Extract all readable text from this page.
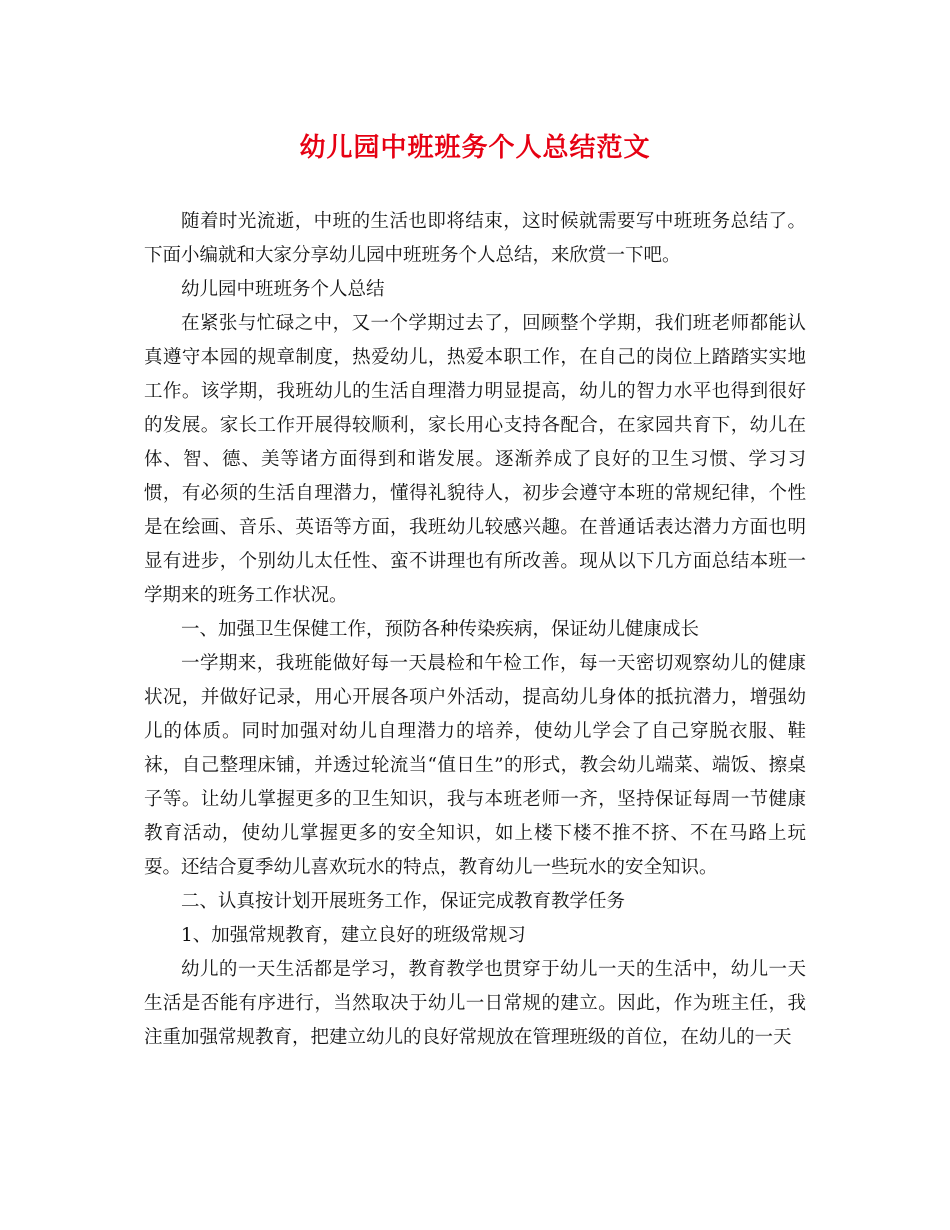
幼儿园中班班务个人总结范文

随着时光流逝，中班的生活也即将结束，这时候就需要写中班班务总结了。下面小编就和大家分享幼儿园中班班务个人总结，来欣赏一下吧。

幼儿园中班班务个人总结

在紧张与忙碌之中，又一个学期过去了，回顾整个学期，我们班老师都能认真遵守本园的规章制度，热爱幼儿，热爱本职工作，在自己的岗位上踏踏实实地工作。该学期，我班幼儿的生活自理潜力明显提高，幼儿的智力水平也得到很好的发展。家长工作开展得较顺利，家长用心支持各配合，在家园共育下，幼儿在体、智、德、美等诸方面得到和谐发展。逐渐养成了良好的卫生习惯、学习习惯，有必须的生活自理潜力，懂得礼貌待人，初步会遵守本班的常规纪律，个性是在绘画、音乐、英语等方面，我班幼儿较感兴趣。在普通话表达潜力方面也明显有进步，个别幼儿太任性、蛮不讲理也有所改善。现从以下几方面总结本班一学期来的班务工作状况。

一、加强卫生保健工作，预防各种传染疾病，保证幼儿健康成长

一学期来，我班能做好每一天晨检和午检工作，每一天密切观察幼儿的健康状况，并做好记录，用心开展各项户外活动，提高幼儿身体的抵抗潜力，增强幼儿的体质。同时加强对幼儿自理潜力的培养，使幼儿学会了自己穿脱衣服、鞋袜，自己整理床铺，并透过轮流当“值日生”的形式，教会幼儿端菜、端饭、擦桌子等。让幼儿掌握更多的卫生知识，我与本班老师一齐，坚持保证每周一节健康教育活动，使幼儿掌握更多的安全知识，如上楼下楼不推不挤、不在马路上玩耍。还结合夏季幼儿喜欢玩水的特点，教育幼儿一些玩水的安全知识。

二、认真按计划开展班务工作，保证完成教育教学任务

1、加强常规教育，建立良好的班级常规习

幼儿的一天生活都是学习，教育教学也贯穿于幼儿一天的生活中，幼儿一天生活是否能有序进行，当然取决于幼儿一日常规的建立。因此，作为班主任，我注重加强常规教育，把建立幼儿的良好常规放在管理班级的首位，在幼儿的一天
